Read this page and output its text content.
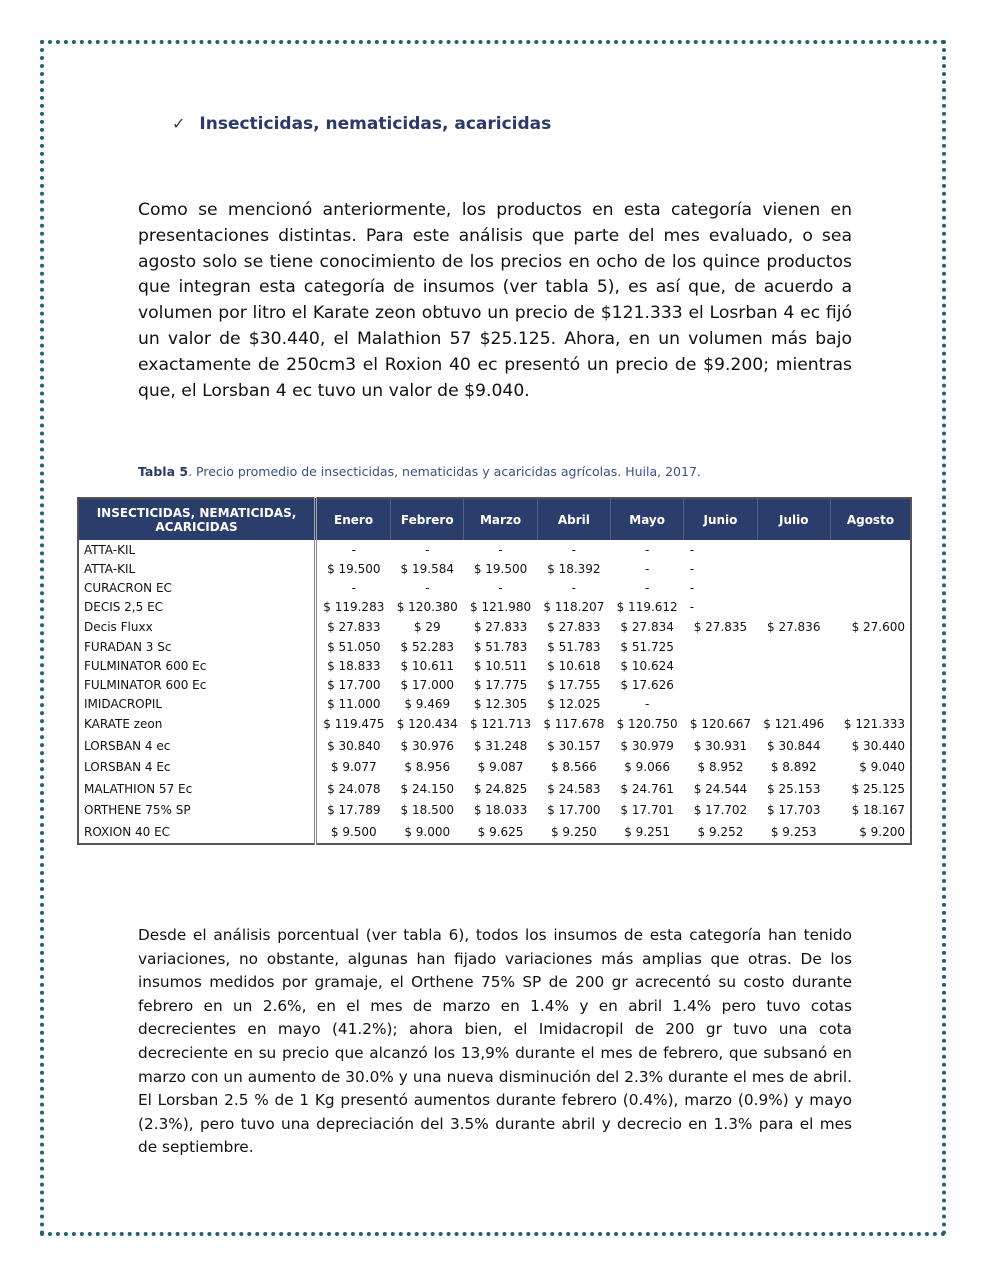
✓ Insecticidas, nematicidas, acaricidas
Como se mencionó anteriormente, los productos en esta categoría vienen en presentaciones distintas. Para este análisis que parte del mes evaluado, o sea agosto solo se tiene conocimiento de los precios en ocho de los quince productos que integran esta categoría de insumos (ver tabla 5), es así que, de acuerdo a volumen por litro el Karate zeon obtuvo un precio de $121.333 el Losrban 4 ec fijó un valor de $30.440, el Malathion 57 $25.125. Ahora, en un volumen más bajo exactamente de 250cm3 el Roxion 40 ec presentó un precio de $9.200; mientras que, el Lorsban 4 ec tuvo un valor de $9.040.
Tabla 5. Precio promedio de insecticidas, nematicidas y acaricidas agrícolas. Huila, 2017.
INSECTICIDAS, NEMATICIDAS, ACARICIDAS	Enero	Febrero	Marzo	Abril	Mayo	Junio	Julio	Agosto
ATTA-KIL	-	-	-	-	-	-		
ATTA-KIL	$ 19.500	$ 19.584	$ 19.500	$ 18.392	-	-		
CURACRON EC	-	-	-	-	-	-		
DECIS 2,5 EC	$ 119.283	$ 120.380	$ 121.980	$ 118.207	$ 119.612	-		
Decis Fluxx	$ 27.833	$ 29	$ 27.833	$ 27.833	$ 27.834	$ 27.835	$ 27.836	$ 27.600
FURADAN 3 Sc	$ 51.050	$ 52.283	$ 51.783	$ 51.783	$ 51.725			
FULMINATOR 600 Ec	$ 18.833	$ 10.611	$ 10.511	$ 10.618	$ 10.624			
FULMINATOR 600 Ec	$ 17.700	$ 17.000	$ 17.775	$ 17.755	$ 17.626			
IMIDACROPIL	$ 11.000	$ 9.469	$ 12.305	$ 12.025	-			
KARATE zeon	$ 119.475	$ 120.434	$ 121.713	$ 117.678	$ 120.750	$ 120.667	$ 121.496	$ 121.333
LORSBAN 4 ec	$ 30.840	$ 30.976	$ 31.248	$ 30.157	$ 30.979	$ 30.931	$ 30.844	$ 30.440
LORSBAN 4 Ec	$ 9.077	$ 8.956	$ 9.087	$ 8.566	$ 9.066	$ 8.952	$ 8.892	$ 9.040
MALATHION 57 Ec	$ 24.078	$ 24.150	$ 24.825	$ 24.583	$ 24.761	$ 24.544	$ 25.153	$ 25.125
ORTHENE 75% SP	$ 17.789	$ 18.500	$ 18.033	$ 17.700	$ 17.701	$ 17.702	$ 17.703	$ 18.167
ROXION 40 EC	$ 9.500	$ 9.000	$ 9.625	$ 9.250	$ 9.251	$ 9.252	$ 9.253	$ 9.200
Desde el análisis porcentual (ver tabla 6), todos los insumos de esta categoría han tenido variaciones, no obstante, algunas han fijado variaciones más amplias que otras. De los insumos medidos por gramaje, el Orthene 75% SP de 200 gr acrecentó su costo durante febrero en un 2.6%, en el mes de marzo en 1.4% y en abril 1.4% pero tuvo cotas decrecientes en mayo (41.2%); ahora bien, el Imidacropil de 200 gr tuvo una cota decreciente en su precio que alcanzó los 13,9% durante el mes de febrero, que subsanó en marzo con un aumento de 30.0% y una nueva disminución del 2.3% durante el mes de abril. El Lorsban 2.5 % de 1 Kg presentó aumentos durante febrero (0.4%), marzo (0.9%) y mayo (2.3%), pero tuvo una depreciación del 3.5% durante abril y decrecio en 1.3% para el mes de septiembre.
